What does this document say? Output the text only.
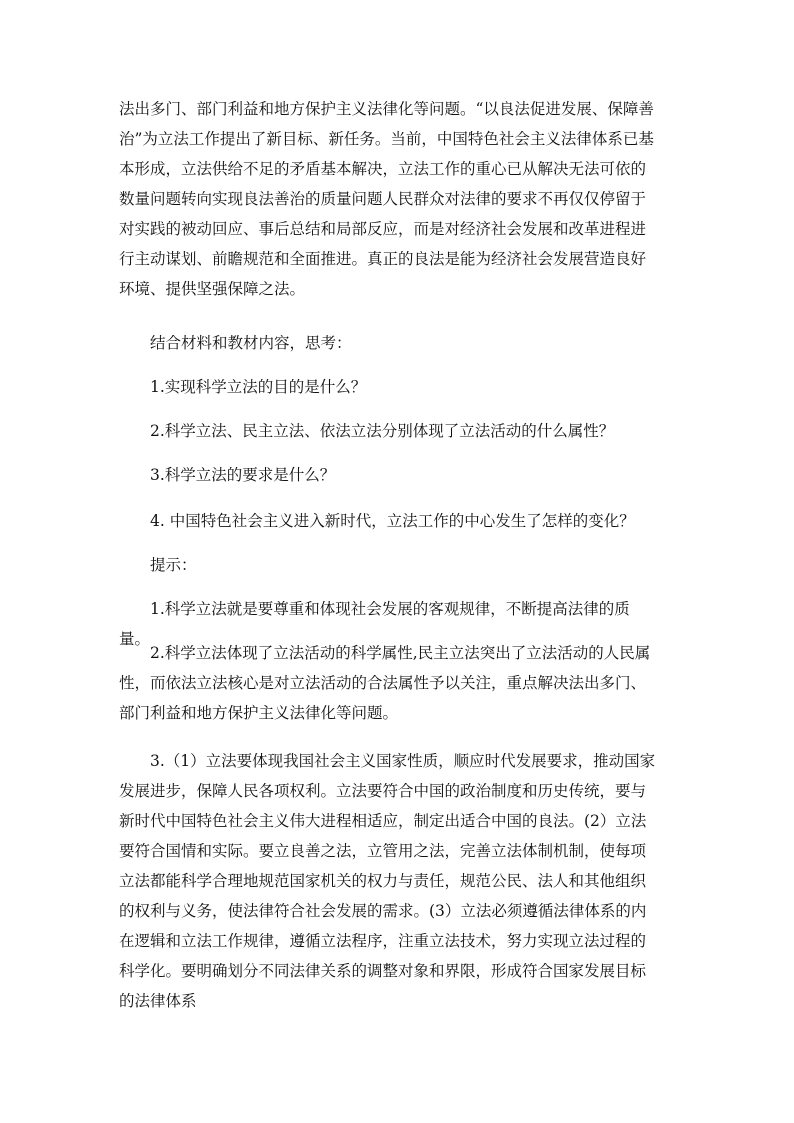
法出多门、部门利益和地方保护主义法律化等问题。“以良法促进发展、保障善治”为立法工作提出了新目标、新任务。当前，中国特色社会主义法律体系已基本形成，立法供给不足的矛盾基本解决，立法工作的重心已从解决无法可依的数量问题转向实现良法善治的质量问题人民群众对法律的要求不再仅仅停留于对实践的被动回应、事后总结和局部反应，而是对经济社会发展和改革进程进行主动谋划、前瞻规范和全面推进。真正的良法是能为经济社会发展营造良好环境、提供坚强保障之法。
结合材料和教材内容，思考：
1.实现科学立法的目的是什么？
2.科学立法、民主立法、依法立法分别体现了立法活动的什么属性？
3.科学立法的要求是什么？
4. 中国特色社会主义进入新时代，立法工作的中心发生了怎样的变化？
提示：
1.科学立法就是要尊重和体现社会发展的客观规律，不断提高法律的质量。
2.科学立法体现了立法活动的科学属性,民主立法突出了立法活动的人民属性，而依法立法核心是对立法活动的合法属性予以关注，重点解决法出多门、部门利益和地方保护主义法律化等问题。
3.（1）立法要体现我国社会主义国家性质，顺应时代发展要求，推动国家发展进步，保障人民各项权利。立法要符合中国的政治制度和历史传统，要与新时代中国特色社会主义伟大进程相适应，制定出适合中国的良法。(2）立法要符合国情和实际。要立良善之法，立管用之法，完善立法体制机制，使每项立法都能科学合理地规范国家机关的权力与责任，规范公民、法人和其他组织的权利与义务，使法律符合社会发展的需求。(3）立法必须遵循法律体系的内在逻辑和立法工作规律，遵循立法程序，注重立法技术，努力实现立法过程的科学化。要明确划分不同法律关系的调整对象和界限，形成符合国家发展目标的法律体系
